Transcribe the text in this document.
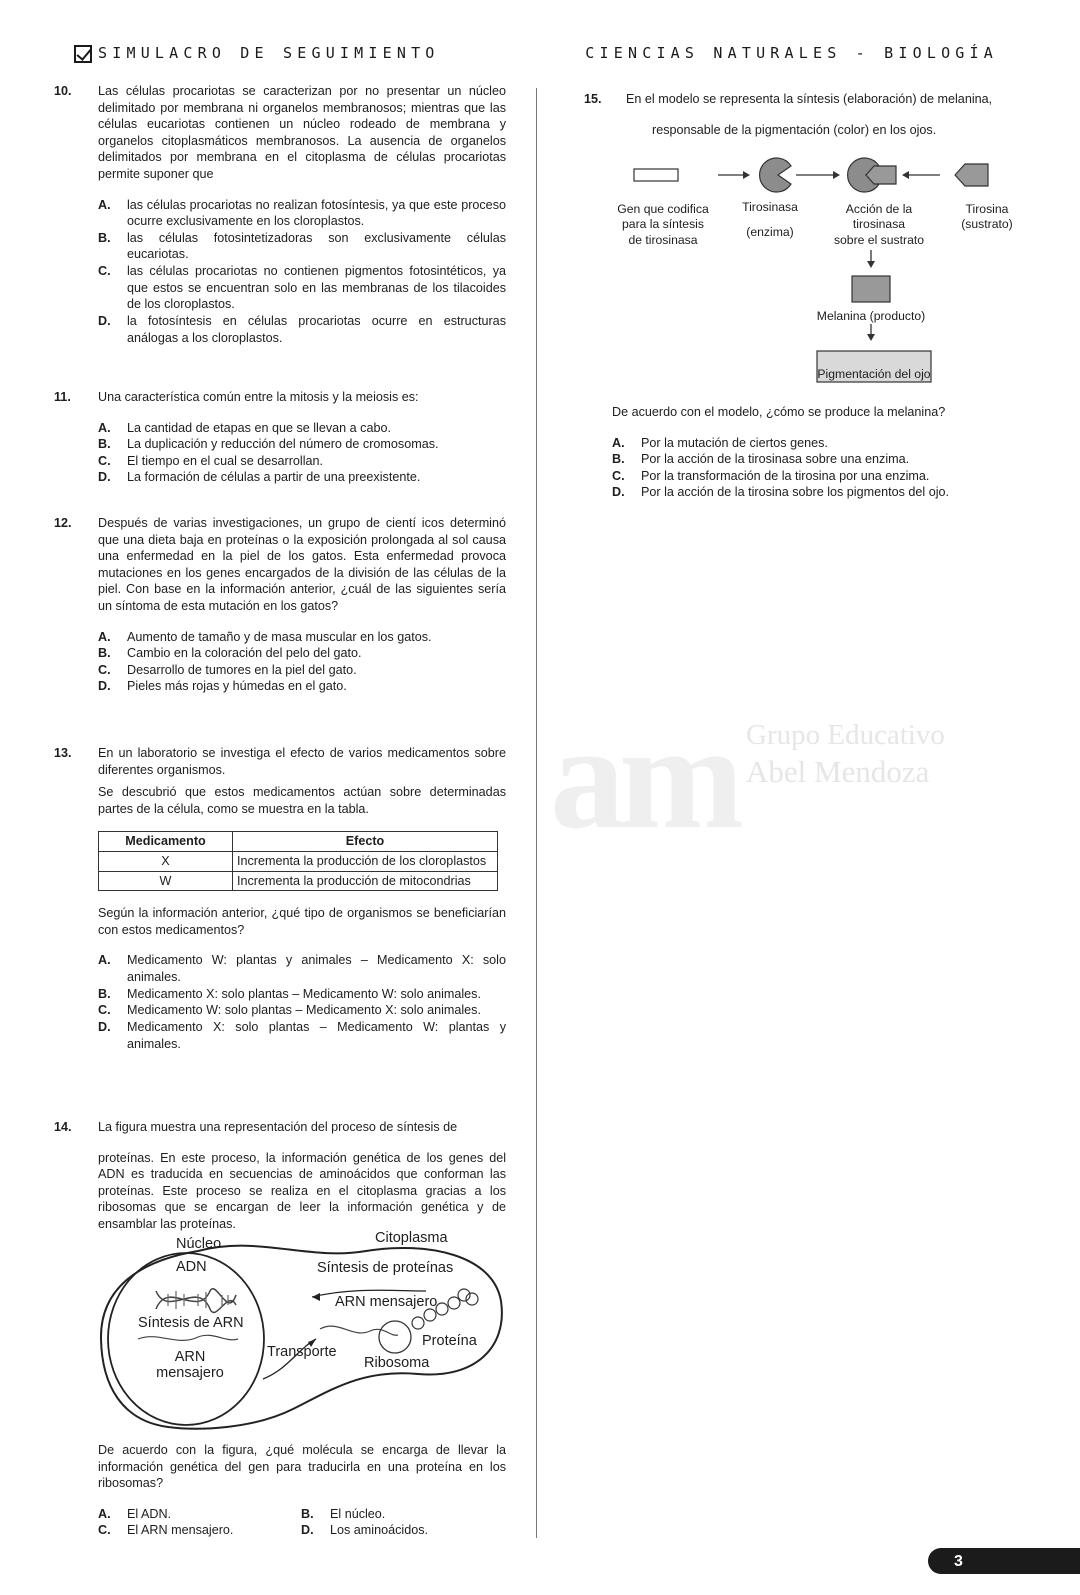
SIMULACRO DE SEGUIMIENTO	CIENCIAS NATURALES - BIOLOGÍA
am Grupo Educativo
Abel Mendoza
10. Las células procariotas se caracterizan por no presentar un núcleo delimitado por membrana ni organelos membranosos; mientras que las células eucariotas contienen un núcleo rodeado de membrana y organelos citoplasmáticos membranosos. La ausencia de organelos delimitados por membrana en el citoplasma de células procariotas permite suponer que
A. las células procariotas no realizan fotosíntesis, ya que este proceso ocurre exclusivamente en los cloroplastos.
B. las células fotosintetizadoras son exclusivamente células eucariotas.
C. las células procariotas no contienen pigmentos fotosintéticos, ya que estos se encuentran solo en las membranas de los tilacoides de los cloroplastos.
D. la fotosíntesis en células procariotas ocurre en estructuras análogas a los cloroplastos.
11. Una característica común entre la mitosis y la meiosis es:
A. La cantidad de etapas en que se llevan a cabo.
B. La duplicación y reducción del número de cromosomas.
C. El tiempo en el cual se desarrollan.
D. La formación de células a partir de una preexistente.
12. Después de varias investigaciones, un grupo de cientí icos determinó que una dieta baja en proteínas o la exposición prolongada al sol causa una enfermedad en la piel de los gatos. Esta enfermedad provoca mutaciones en los genes encargados de la división de las células de la piel. Con base en la información anterior, ¿cuál de las siguientes sería un síntoma de esta mutación en los gatos?
A. Aumento de tamaño y de masa muscular en los gatos.
B. Cambio en la coloración del pelo del gato.
C. Desarrollo de tumores en la piel del gato.
D. Pieles más rojas y húmedas en el gato.
13. En un laboratorio se investiga el efecto de varios medicamentos sobre diferentes organismos.

Se descubrió que estos medicamentos actúan sobre determinadas partes de la célula, como se muestra en la tabla.

Medicamento	Efecto
X	Incrementa la producción de los cloroplastos
W	Incrementa la producción de mitocondrias
Según la información anterior, ¿qué tipo de organismos se beneficiarían con estos medicamentos?
A. Medicamento W: plantas y animales – Medicamento X: solo animales.
B. Medicamento X: solo plantas – Medicamento W: solo animales.
C. Medicamento W: solo plantas – Medicamento X: solo animales.
D. Medicamento X: solo plantas – Medicamento W: plantas y animales.
14. La figura muestra una representación del proceso de síntesis de
proteínas. En este proceso, la información genética de los genes del ADN es traducida en secuencias de aminoácidos que conforman las proteínas. Este proceso se realiza en el citoplasma gracias a los ribosomas que se encargan de leer la información genética y de ensamblar las proteínas.
Núcleo	Citoplasma
ADN
Síntesis de ARN
ARN
mensajero
Transporte
Síntesis de proteínas
ARN mensajero
Proteína
Ribosoma
De acuerdo con la figura, ¿qué molécula se encarga de llevar la información genética del gen para traducirla en una proteína en los ribosomas?
A. El ADN.	B. El núcleo.
C. El ARN mensajero.	D. Los aminoácidos.
15. En el modelo se representa la síntesis (elaboración) de melanina,
responsable de la pigmentación (color) en los ojos.
Gen que codifica
para la síntesis
de tirosinasa
Tirosinasa
(enzima)
Acción de la
tirosinasa
sobre el sustrato
Tirosina
(sustrato)
Melanina (producto)
Pigmentación del ojo
De acuerdo con el modelo, ¿cómo se produce la melanina?
A. Por la mutación de ciertos genes.
B. Por la acción de la tirosinasa sobre una enzima.
C. Por la transformación de la tirosina por una enzima.
D. Por la acción de la tirosina sobre los pigmentos del ojo.
3
